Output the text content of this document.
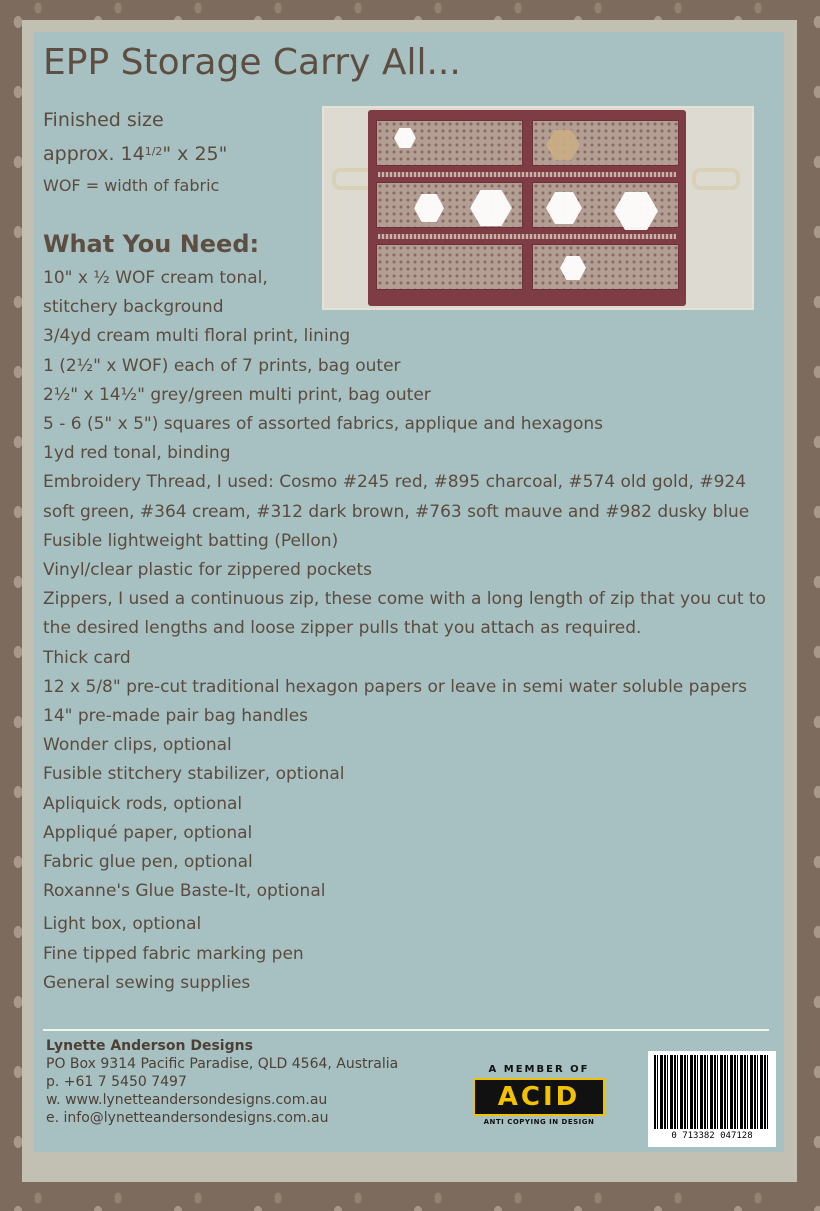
EPP Storage Carry All...
Finished size
approx. $14^{1/2}$" x 25"
WOF = width of fabric
What You Need:
10" x ½ WOF cream tonal,
stitchery background
3/4yd cream multi floral print, lining
1 (2½" x WOF) each of 7 prints, bag outer
2½" x 14½" grey/green multi print, bag outer
5 - 6 (5" x 5") squares of assorted fabrics, applique and hexagons
1yd red tonal, binding
Embroidery Thread, I used: Cosmo #245 red, #895 charcoal, #574 old gold, #924 soft green, #364 cream, #312 dark brown, #763 soft mauve and #982 dusky blue
Fusible lightweight batting (Pellon)
Vinyl/clear plastic for zippered pockets
Zippers, I used a continuous zip, these come with a long length of zip that you cut to the desired lengths and loose zipper pulls that you attach as required.
Thick card
12 x 5/8" pre-cut traditional hexagon papers or leave in semi water soluble papers
14" pre-made pair bag handles
Wonder clips, optional
Fusible stitchery stabilizer, optional
Apliquick rods, optional
Appliqué paper, optional
Fabric glue pen, optional
Roxanne's Glue Baste-It, optional
Light box, optional
Fine tipped fabric marking pen
General sewing supplies
Lynette Anderson Designs
PO Box 9314 Pacific Paradise, QLD 4564, Australia
p. +61 7 5450 7497
w. www.lynetteandersondesigns.com.au
e. info@lynetteandersondesigns.com.au
A MEMBER OF
ACID
ANTI COPYING IN DESIGN
0 713382 047128
